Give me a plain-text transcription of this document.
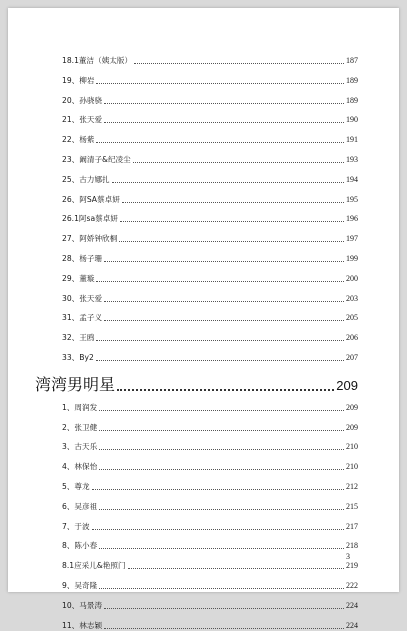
18.1董洁（姨太版）	187
19、柳岩	189
20、孙骁骁	189
21、张天爱	190
22、杨紫	191
23、阚清子&纪凌尘	193
25、古力娜扎	194
26、阿SA蔡卓妍	195
26.1阿sa蔡卓妍	196
27、阿娇钟欣桐	197
28、杨子珊	199
29、董璇	200
30、张天爱	203
31、孟子义	205
32、王鸥	206
33、By2	207
湾湾男明星	209
1、周润发	209
2、张卫健	209
3、古天乐	210
4、林保怡	210
5、尊龙	212
6、吴彦祖	215
7、于波	217
8、陈小春	218
8.1应采儿&艳照门	219
9、吴奇隆	222
10、马景涛	224
11、林志颖	224
3
